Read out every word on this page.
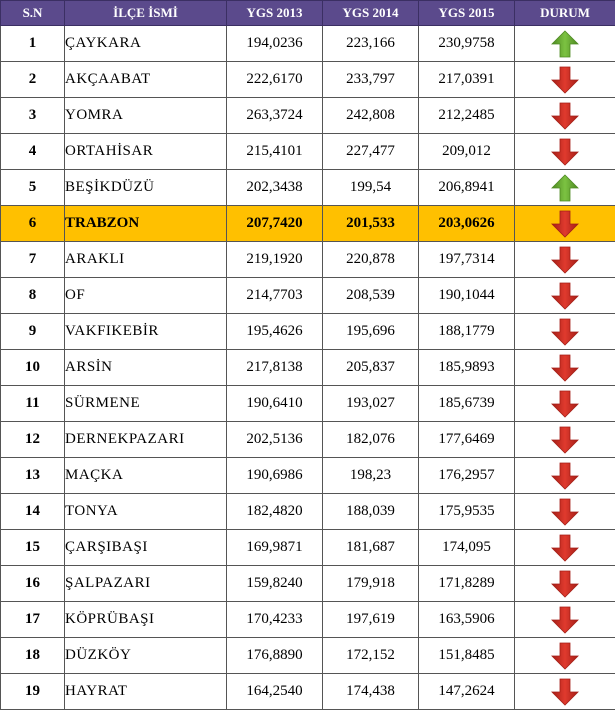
S.N	İLÇE İSMİ	YGS 2013	YGS 2014	YGS 2015	DURUM
1	ÇAYKARA	194,0236	223,166	230,9758	
2	AKÇAABAT	222,6170	233,797	217,0391	
3	YOMRA	263,3724	242,808	212,2485	
4	ORTAHİSAR	215,4101	227,477	209,012	
5	BEŞİKDÜZÜ	202,3438	199,54	206,8941	
6	TRABZON	207,7420	201,533	203,0626	
7	ARAKLI	219,1920	220,878	197,7314	
8	OF	214,7703	208,539	190,1044	
9	VAKFIKEBİR	195,4626	195,696	188,1779	
10	ARSİN	217,8138	205,837	185,9893	
11	SÜRMENE	190,6410	193,027	185,6739	
12	DERNEKPAZARI	202,5136	182,076	177,6469	
13	MAÇKA	190,6986	198,23	176,2957	
14	TONYA	182,4820	188,039	175,9535	
15	ÇARŞIBAŞI	169,9871	181,687	174,095	
16	ŞALPAZARI	159,8240	179,918	171,8289	
17	KÖPRÜBAŞI	170,4233	197,619	163,5906	
18	DÜZKÖY	176,8890	172,152	151,8485	
19	HAYRAT	164,2540	174,438	147,2624	
